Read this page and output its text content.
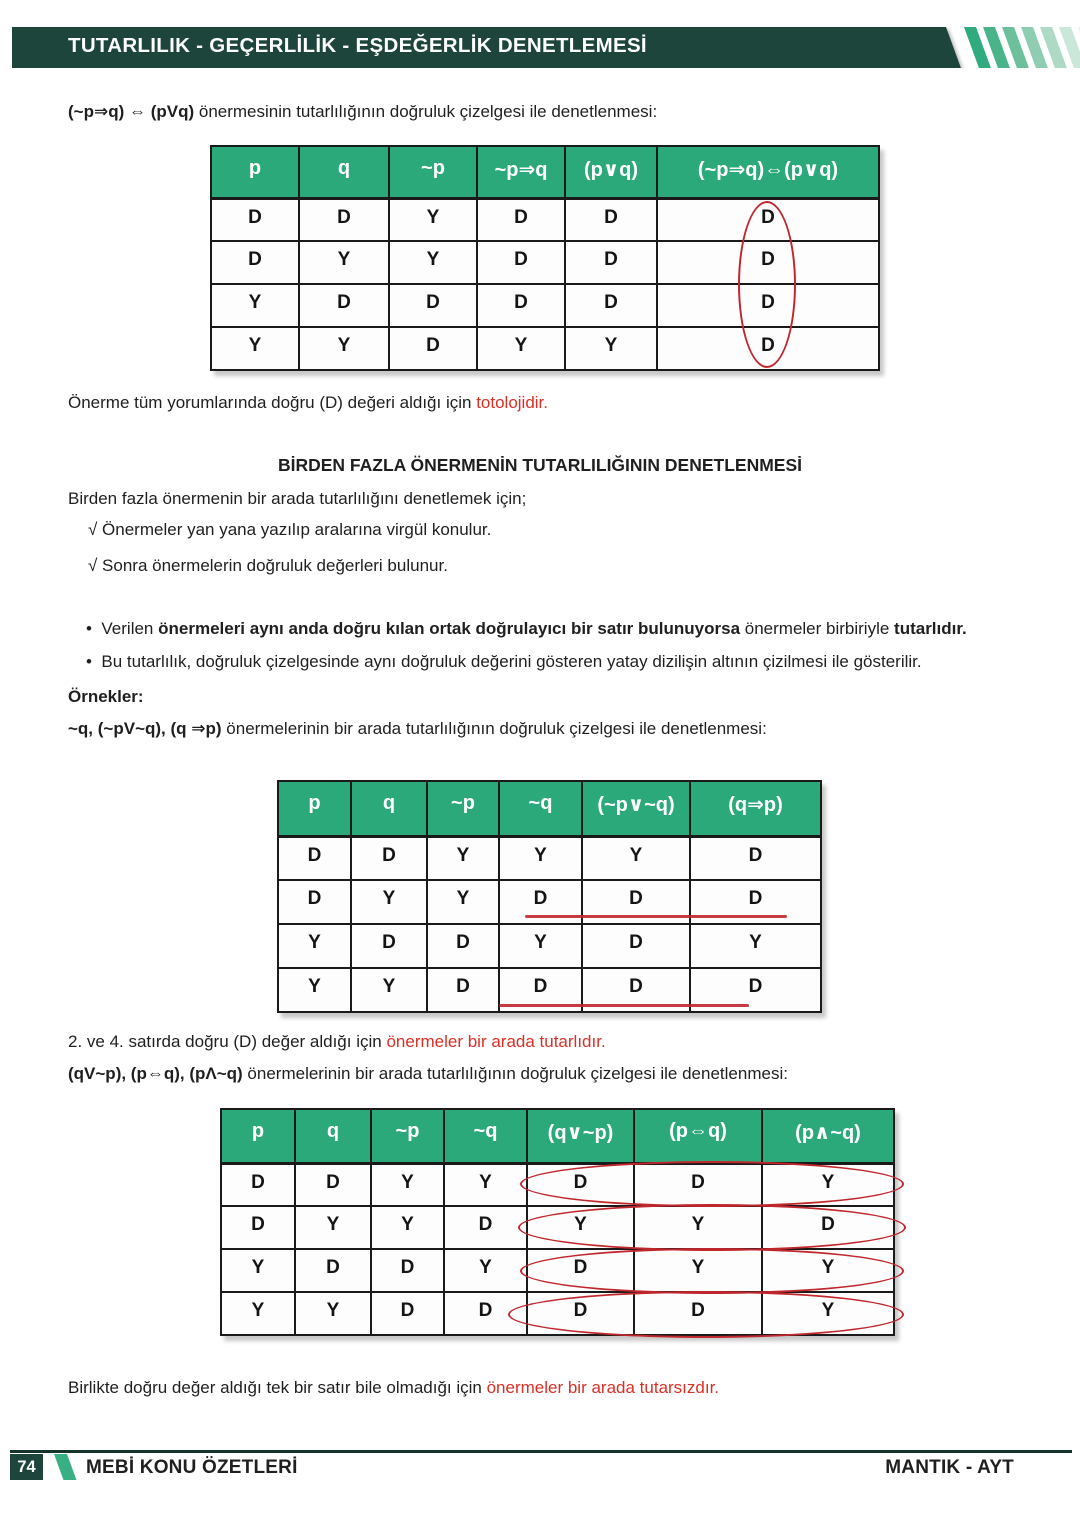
TUTARLILIK - GEÇERLİLİK - EŞDEĞERLİK DENETLEMESİ

(~p⇒q) ⇔ (pVq) önermesinin tutarlılığının doğruluk çizelgesi ile denetlenmesi:

p	q	~p	~p⇒q	(p∨q)	(~p⇒q)⇔(p∨q)
D	D	Y	D	D	D
D	Y	Y	D	D	D
Y	D	D	D	D	D
Y	Y	D	Y	Y	D

Önerme tüm yorumlarında doğru (D) değeri aldığı için totolojidir.

BİRDEN FAZLA ÖNERMENİN TUTARLILIĞININ DENETLENMESİ

Birden fazla önermenin bir arada tutarlılığını denetlemek için;

√ Önermeler yan yana yazılıp aralarına virgül konulur.

√ Sonra önermelerin doğruluk değerleri bulunur.

• Verilen önermeleri aynı anda doğru kılan ortak doğrulayıcı bir satır bulunuyorsa önermeler birbiriyle tutarlıdır.

• Bu tutarlılık, doğruluk çizelgesinde aynı doğruluk değerini gösteren yatay dizilişin altının çizilmesi ile gösterilir.

Örnekler:

~q, (~pV~q), (q ⇒p) önermelerinin bir arada tutarlılığının doğruluk çizelgesi ile denetlenmesi:

p	q	~p	~q	(~p∨~q)	(q⇒p)
D	D	Y	Y	Y	D
D	Y	Y	D	D	D
Y	D	D	Y	D	Y
Y	Y	D	D	D	D

2. ve 4. satırda doğru (D) değer aldığı için önermeler bir arada tutarlıdır.

(qV~p), (p⇔q), (pΛ~q) önermelerinin bir arada tutarlılığının doğruluk çizelgesi ile denetlenmesi:

p	q	~p	~q	(q∨~p)	(p⇔q)	(p∧~q)
D	D	Y	Y	D	D	Y
D	Y	Y	D	Y	Y	D
Y	D	D	Y	D	Y	Y
Y	Y	D	D	D	D	Y

Birlikte doğru değer aldığı tek bir satır bile olmadığı için önermeler bir arada tutarsızdır.

74	MEBİ KONU ÖZETLERİ	MANTIK - AYT
